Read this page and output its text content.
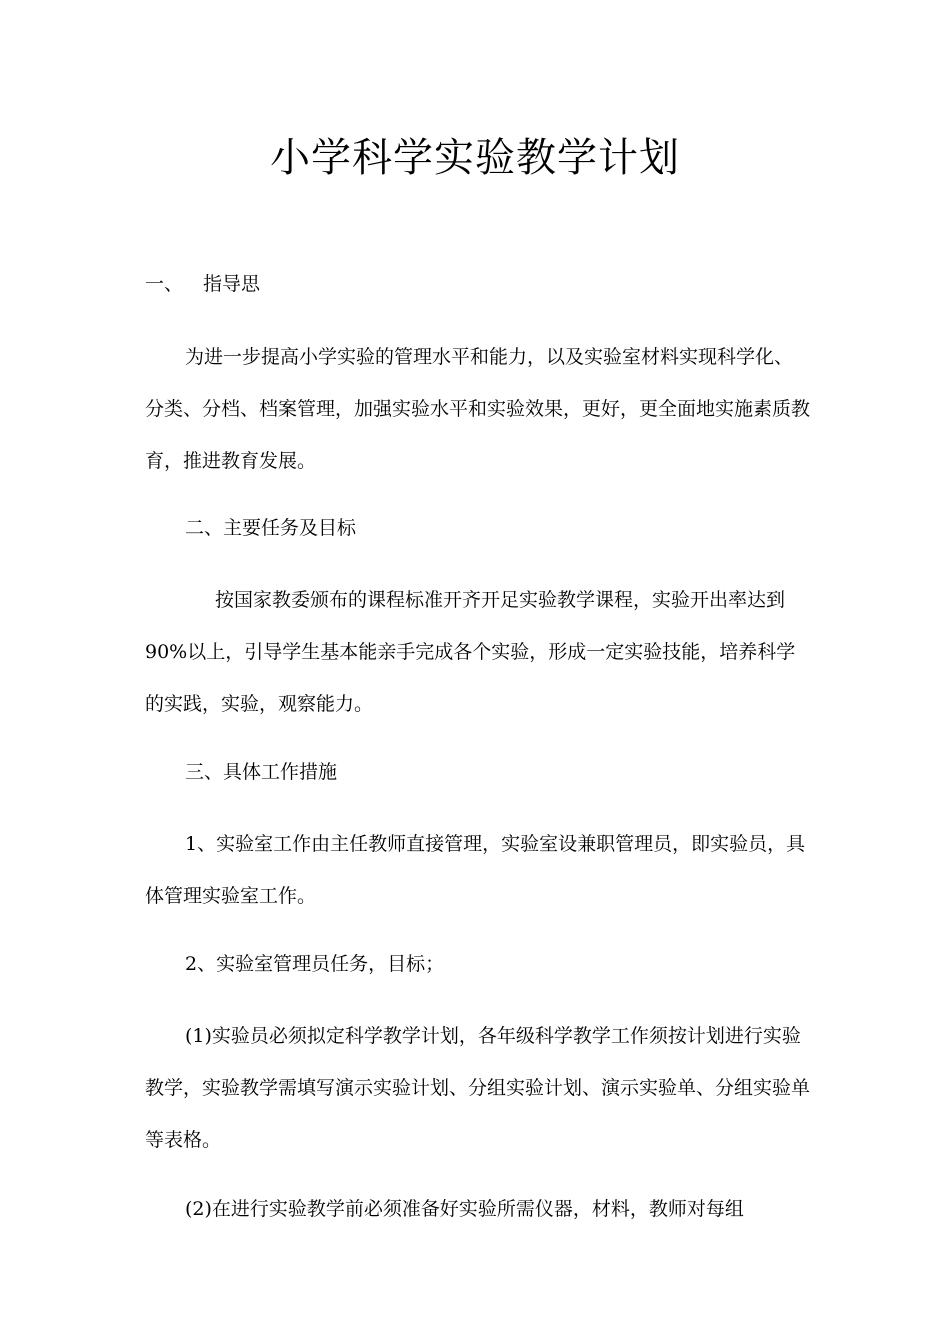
小学科学实验教学计划

一、 指导思

为进一步提高小学实验的管理水平和能力，以及实验室材料实现科学化、分类、分档、档案管理，加强实验水平和实验效果，更好，更全面地实施素质教育，推进教育发展。

二、主要任务及目标

按国家教委颁布的课程标准开齐开足实验教学课程，实验开出率达到 90%以上，引导学生基本能亲手完成各个实验，形成一定实验技能，培养科学的实践，实验，观察能力。

三、具体工作措施

1、实验室工作由主任教师直接管理，实验室设兼职管理员，即实验员，具体管理实验室工作。

2、实验室管理员任务，目标；

(1)实验员必须拟定科学教学计划，各年级科学教学工作须按计划进行实验教学，实验教学需填写演示实验计划、分组实验计划、演示实验单、分组实验单等表格。

(2)在进行实验教学前必须准备好实验所需仪器，材料，教师对每组
